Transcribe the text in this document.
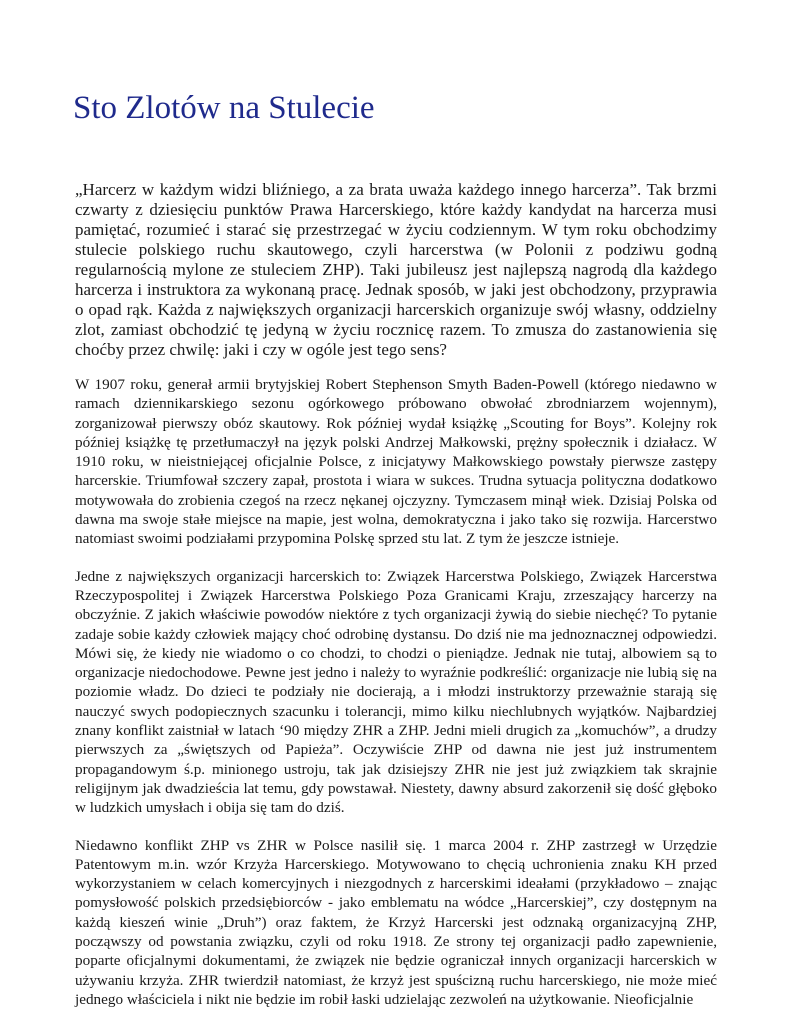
Sto Zlotów na Stulecie

„Harcerz w każdym widzi bliźniego, a za brata uważa każdego innego harcerza”. Tak brzmi czwarty z dziesięciu punktów Prawa Harcerskiego, które każdy kandydat na harcerza musi pamiętać, rozumieć i starać się przestrzegać w życiu codziennym. W tym roku obchodzimy stulecie polskiego ruchu skautowego, czyli harcerstwa (w Polonii z podziwu godną regularnością mylone ze stuleciem ZHP). Taki jubileusz jest najlepszą nagrodą dla każdego harcerza i instruktora za wykonaną pracę. Jednak sposób, w jaki jest obchodzony, przyprawia o opad rąk. Każda z największych organizacji harcerskich organizuje swój własny, oddzielny zlot, zamiast obchodzić tę jedyną w życiu rocznicę razem. To zmusza do zastanowienia się choćby przez chwilę: jaki i czy w ogóle jest tego sens?

W 1907 roku, generał armii brytyjskiej Robert Stephenson Smyth Baden-Powell (którego niedawno w ramach dziennikarskiego sezonu ogórkowego próbowano obwołać zbrodniarzem wojennym), zorganizował pierwszy obóz skautowy. Rok później wydał książkę „Scouting for Boys”. Kolejny rok później książkę tę przetłumaczył na język polski Andrzej Małkowski, prężny społecznik i działacz. W 1910 roku, w nieistniejącej oficjalnie Polsce, z inicjatywy Małkowskiego powstały pierwsze zastępy harcerskie. Triumfował szczery zapał, prostota i wiara w sukces. Trudna sytuacja polityczna dodatkowo motywowała do zrobienia czegoś na rzecz nękanej ojczyzny. Tymczasem minął wiek. Dzisiaj Polska od dawna ma swoje stałe miejsce na mapie, jest wolna, demokratyczna i jako tako się rozwija. Harcerstwo natomiast swoimi podziałami przypomina Polskę sprzed stu lat. Z tym że jeszcze istnieje.

Jedne z największych organizacji harcerskich to: Związek Harcerstwa Polskiego, Związek Harcerstwa Rzeczypospolitej i Związek Harcerstwa Polskiego Poza Granicami Kraju, zrzeszający harcerzy na obczyźnie. Z jakich właściwie powodów niektóre z tych organizacji żywią do siebie niechęć? To pytanie zadaje sobie każdy człowiek mający choć odrobinę dystansu. Do dziś nie ma jednoznacznej odpowiedzi. Mówi się, że kiedy nie wiadomo o co chodzi, to chodzi o pieniądze. Jednak nie tutaj, albowiem są to organizacje niedochodowe. Pewne jest jedno i należy to wyraźnie podkreślić: organizacje nie lubią się na poziomie władz. Do dzieci te podziały nie docierają, a i młodzi instruktorzy przeważnie starają się nauczyć swych podopiecznych szacunku i tolerancji, mimo kilku niechlubnych wyjątków. Najbardziej znany konflikt zaistniał w latach ‘90 między ZHR a ZHP. Jedni mieli drugich za „komuchów”, a drudzy pierwszych za „świętszych od Papieża”. Oczywiście ZHP od dawna nie jest już instrumentem propagandowym ś.p. minionego ustroju, tak jak dzisiejszy ZHR nie jest już związkiem tak skrajnie religijnym jak dwadzieścia lat temu, gdy powstawał. Niestety, dawny absurd zakorzenił się dość głęboko w ludzkich umysłach i obija się tam do dziś.

Niedawno konflikt ZHP vs ZHR w Polsce nasilił się. 1 marca 2004 r. ZHP zastrzegł w Urzędzie Patentowym m.in. wzór Krzyża Harcerskiego. Motywowano to chęcią uchronienia znaku KH przed wykorzystaniem w celach komercyjnych i niezgodnych z harcerskimi ideałami (przykładowo – znając pomysłowość polskich przedsiębiorców - jako emblematu na wódce „Harcerskiej”, czy dostępnym na każdą kieszeń winie „Druh”) oraz faktem, że Krzyż Harcerski jest odznaką organizacyjną ZHP, począwszy od powstania związku, czyli od roku 1918. Ze strony tej organizacji padło zapewnienie, poparte oficjalnymi dokumentami, że związek nie będzie ograniczał innych organizacji harcerskich w używaniu krzyża. ZHR twierdził natomiast, że krzyż jest spuścizną ruchu harcerskiego, nie może mieć jednego właściciela i nikt nie będzie im robił łaski udzielając zezwoleń na użytkowanie. Nieoficjalnie
